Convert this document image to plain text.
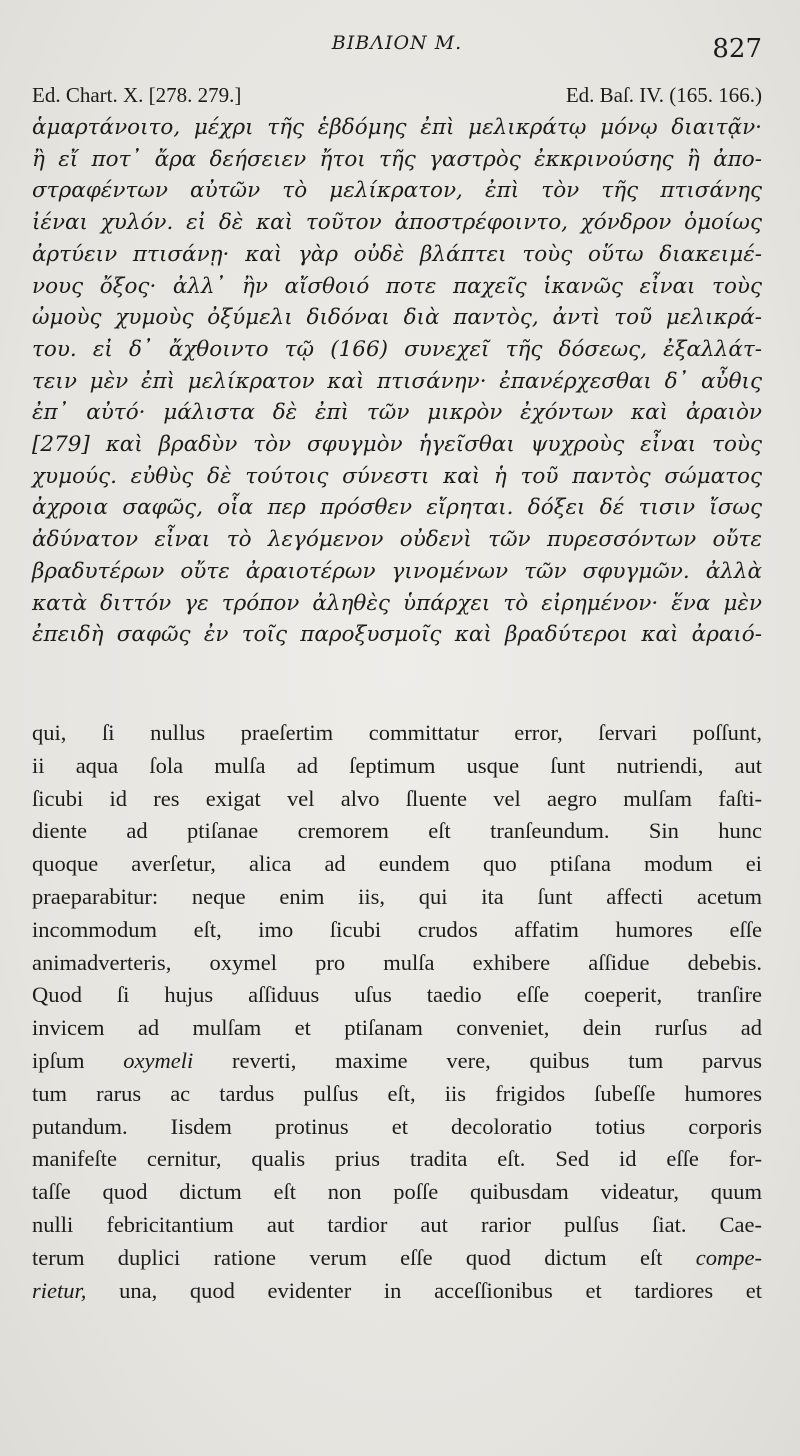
ΒΙΒΛΙΟΝ Μ.	827
Ed. Chart. X. [278. 279.]	Ed. Baſ. IV. (165. 166.)
ἁμαρτάνοιτο, μέχρι τῆς ἑβδόμης ἐπὶ μελικράτῳ μόνῳ διαιτᾷν·
ἢ εἴ ποτ᾽ ἄρα δεήσειεν ἤτοι τῆς γαστρὸς ἐκκρινούσης ἢ ἀπο-
στραφέντων αὐτῶν τὸ μελίκρατον, ἐπὶ τὸν τῆς πτισάνης
ἰέναι χυλόν. εἰ δὲ καὶ τοῦτον ἀποστρέφοιντο, χόνδρον ὁμοίως
ἀρτύειν πτισάνῃ· καὶ γὰρ οὐδὲ βλάπτει τοὺς οὕτω διακειμέ-
νους ὄξος· ἀλλ᾽ ἢν αἴσθοιό ποτε παχεῖς ἱκανῶς εἶναι τοὺς
ὠμοὺς χυμοὺς ὀξύμελι διδόναι διὰ παντὸς, ἀντὶ τοῦ μελικρά-
του. εἰ δ᾽ ἄχθοιντο τῷ (166) συνεχεῖ τῆς δόσεως, ἐξαλλάτ-
τειν μὲν ἐπὶ μελίκρατον καὶ πτισάνην· ἐπανέρχεσθαι δ᾽ αὖθις
ἐπ᾽ αὐτό· μάλιστα δὲ ἐπὶ τῶν μικρὸν ἐχόντων καὶ ἀραιὸν
[279] καὶ βραδὺν τὸν σφυγμὸν ἡγεῖσθαι ψυχροὺς εἶναι τοὺς
χυμούς. εὐθὺς δὲ τούτοις σύνεστι καὶ ἡ τοῦ παντὸς σώματος
ἀχροια σαφῶς, οἷα περ πρόσθεν εἴρηται. δόξει δέ τισιν ἴσως
ἀδύνατον εἶναι τὸ λεγόμενον οὐδενὶ τῶν πυρεσσόντων οὔτε
βραδυτέρων οὔτε ἀραιοτέρων γινομένων τῶν σφυγμῶν. ἀλλὰ
κατὰ διττόν γε τρόπον ἀληθὲς ὑπάρχει τὸ εἰρημένον· ἕνα μὲν
ἐπειδὴ σαφῶς ἐν τοῖς παροξυσμοῖς καὶ βραδύτεροι καὶ ἀραιό-
qui, ſi nullus praeſertim committatur error, ſervari poſſunt,
ii aqua ſola mulſa ad ſeptimum usque ſunt nutriendi, aut
ſicubi id res exigat vel alvo ſluente vel aegro mulſam faſti-
diente ad ptiſanae cremorem eſt tranſeundum. Sin hunc
quoque averſetur, alica ad eundem quo ptiſana modum ei
praeparabitur: neque enim iis, qui ita ſunt affecti acetum
incommodum eſt, imo ſicubi crudos affatim humores eſſe
animadverteris, oxymel pro mulſa exhibere aſſidue debebis.
Quod ſi hujus aſſiduus uſus taedio eſſe coeperit, tranſire
invicem ad mulſam et ptiſanam conveniet, dein rurſus ad
ipſum oxymeli reverti, maxime vere, quibus tum parvus
tum rarus ac tardus pulſus eſt, iis frigidos ſubeſſe humores
putandum. Iisdem protinus et decoloratio totius corporis
manifeſte cernitur, qualis prius tradita eſt. Sed id eſſe for-
taſſe quod dictum eſt non poſſe quibusdam videatur, quum
nulli febricitantium aut tardior aut rarior pulſus ſiat. Cae-
terum duplici ratione verum eſſe quod dictum eſt compe-
rietur, una, quod evidenter in acceſſionibus et tardiores et
